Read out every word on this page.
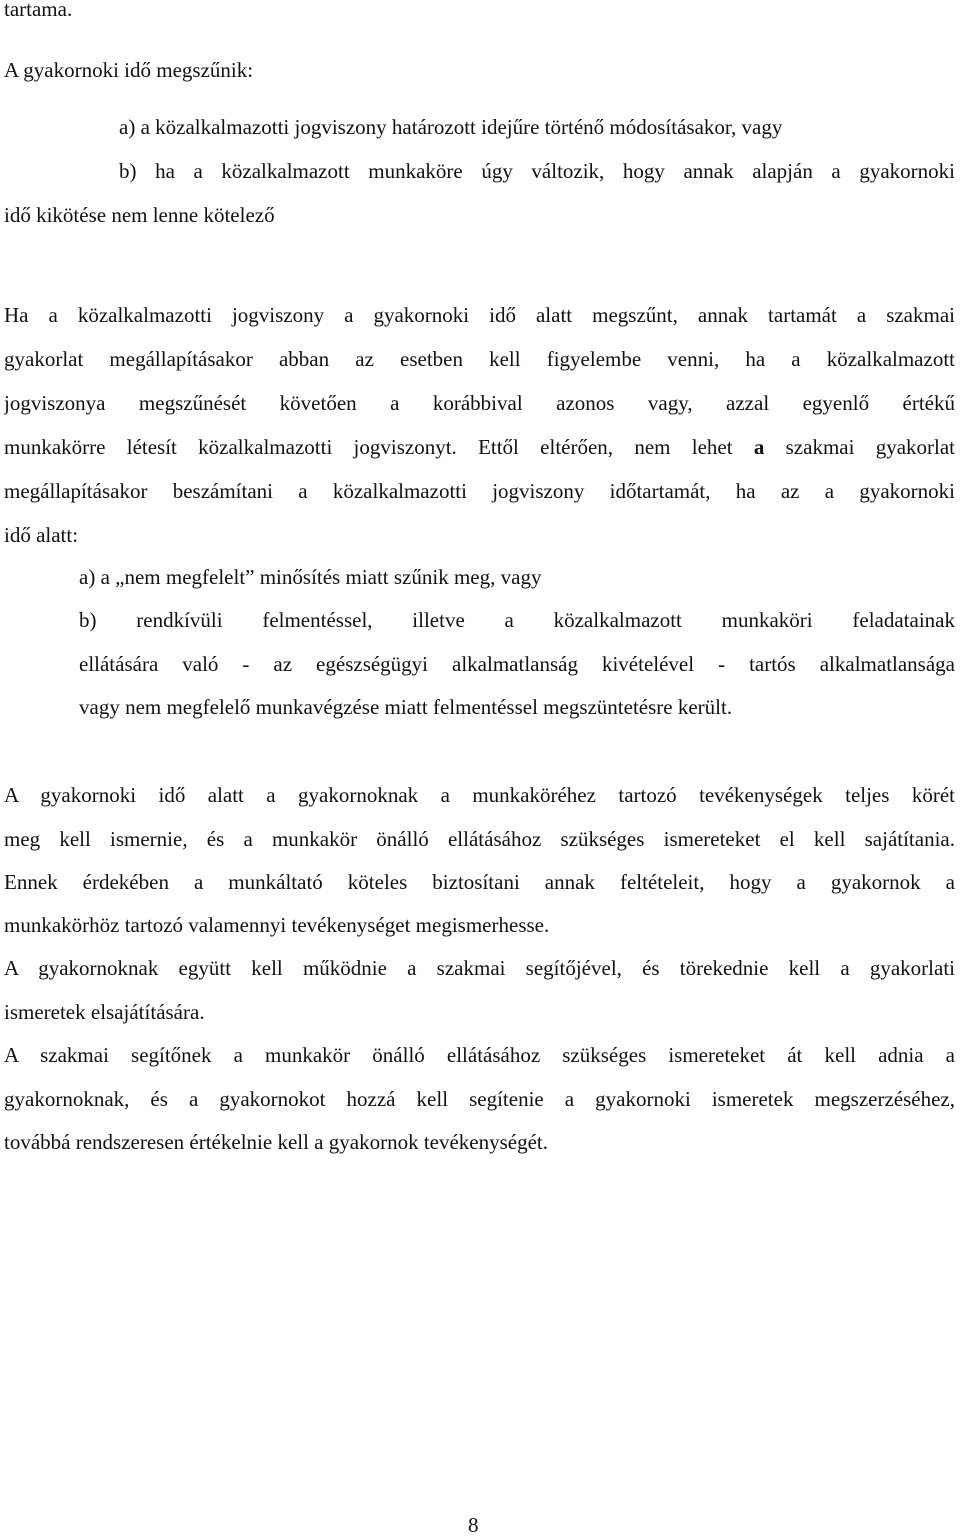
tartama.

A gyakornoki idő megszűnik:

a) a közalkalmazotti jogviszony határozott idejűre történő módosításakor, vagy

b) ha a közalkalmazott munkaköre úgy változik, hogy annak alapján a gyakornoki

idő kikötése nem lenne kötelező

Ha a közalkalmazotti jogviszony a gyakornoki idő alatt megszűnt, annak tartamát a szakmai

gyakorlat megállapításakor abban az esetben kell figyelembe venni, ha a közalkalmazott

jogviszonya megszűnését követően a korábbival azonos vagy, azzal egyenlő értékű

munkakörre létesít közalkalmazotti jogviszonyt. Ettől eltérően, nem lehet a szakmai gyakorlat

megállapításakor beszámítani a közalkalmazotti jogviszony időtartamát, ha az a gyakornoki

idő alatt:

a) a „nem megfelelt” minősítés miatt szűnik meg, vagy

b) rendkívüli felmentéssel, illetve a közalkalmazott munkaköri feladatainak

ellátására való - az egészségügyi alkalmatlanság kivételével - tartós alkalmatlansága

vagy nem megfelelő munkavégzése miatt felmentéssel megszüntetésre került.

A gyakornoki idő alatt a gyakornoknak a munkaköréhez tartozó tevékenységek teljes körét

meg kell ismernie, és a munkakör önálló ellátásához szükséges ismereteket el kell sajátítania.

Ennek érdekében a munkáltató köteles biztosítani annak feltételeit, hogy a gyakornok a

munkakörhöz tartozó valamennyi tevékenységet megismerhesse.

A gyakornoknak együtt kell működnie a szakmai segítőjével, és törekednie kell a gyakorlati

ismeretek elsajátítására.

A szakmai segítőnek a munkakör önálló ellátásához szükséges ismereteket át kell adnia a

gyakornoknak, és a gyakornokot hozzá kell segítenie a gyakornoki ismeretek megszerzéséhez,

továbbá rendszeresen értékelnie kell a gyakornok tevékenységét.

8
